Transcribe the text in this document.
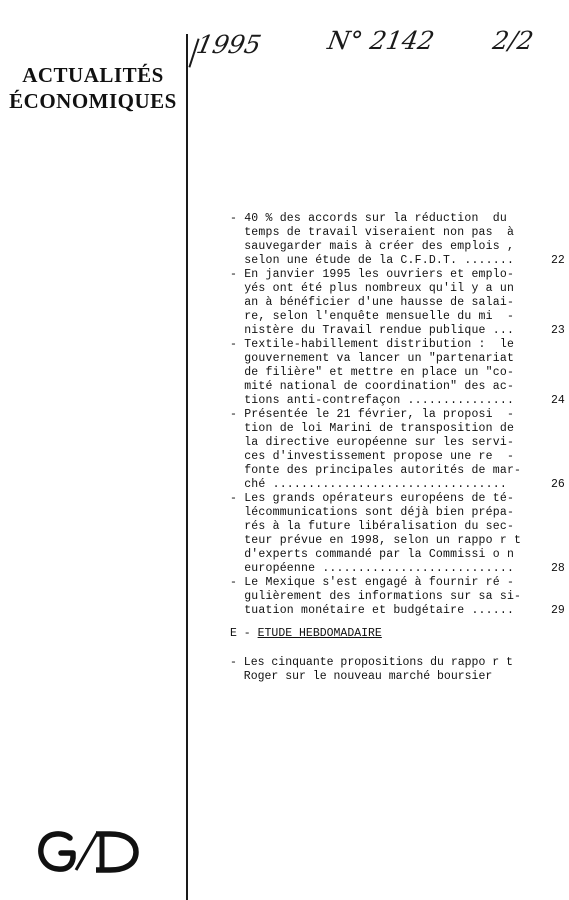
ACTUALITÉS
ÉCONOMIQUES
1995 N° 2142 2/2
- 40 % des accords sur la réduction  du
temps de travail viseraient non pas  à
sauvegarder mais à créer des emplois ,
selon une étude de la C.F.D.T. .......	22
- En janvier 1995 les ouvriers et emplo-
yés ont été plus nombreux qu'il y a un
an à bénéficier d'une hausse de salai-
re, selon l'enquête mensuelle du mi  -
nistère du Travail rendue publique ...	23
- Textile-habillement distribution :  le
gouvernement va lancer un "partenariat
de filière" et mettre en place un "co-
mité national de coordination" des ac-
tions anti-contrefaçon ...............	24
- Présentée le 21 février, la proposi  -
tion de loi Marini de transposition de
la directive européenne sur les servi-
ces d'investissement propose une re  -
fonte des principales autorités de mar-
ché .................................	26
- Les grands opérateurs européens de té-
lécommunications sont déjà bien prépa-
rés à la future libéralisation du sec-
teur prévue en 1998, selon un rappo r t
d'experts commandé par la Commissi o n
européenne ...........................	28
- Le Mexique s'est engagé à fournir ré -
gulièrement des informations sur sa si-
tuation monétaire et budgétaire ......	29
E - ETUDE HEBDOMADAIRE
- Les cinquante propositions du rappo r t
Roger sur le nouveau marché boursier
